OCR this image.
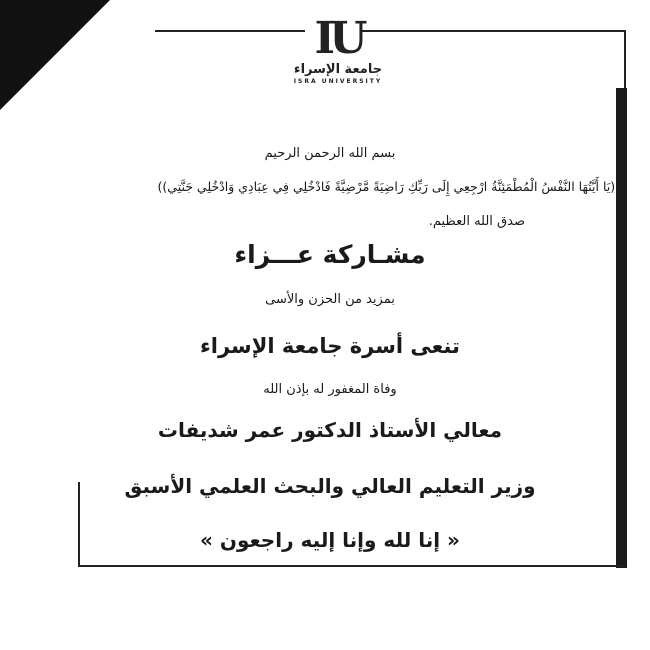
IU
جامعة الإسراء
ISRA UNIVERSITY
بسم الله الرحمن الرحيم
((يَا أَيَّتُهَا النَّفْسُ الْمُطْمَئِنَّةُ ارْجِعِي إِلَى رَبِّكِ رَاضِيَةً مَّرْضِيَّةً فَادْخُلِي فِي عِبَادِي وَادْخُلِي جَنَّتِي))
صدق الله العظيم.
مشـاركة عـــزاء
بمزيد من الحزن والأسى
تنعى أسرة جامعة الإسراء
وفاة المغفور له بإذن الله
معالي الأستاذ الدكتور عمر شديفات
وزير التعليم العالي والبحث العلمي الأسبق
« إنا لله وإنا إليه راجعون »
